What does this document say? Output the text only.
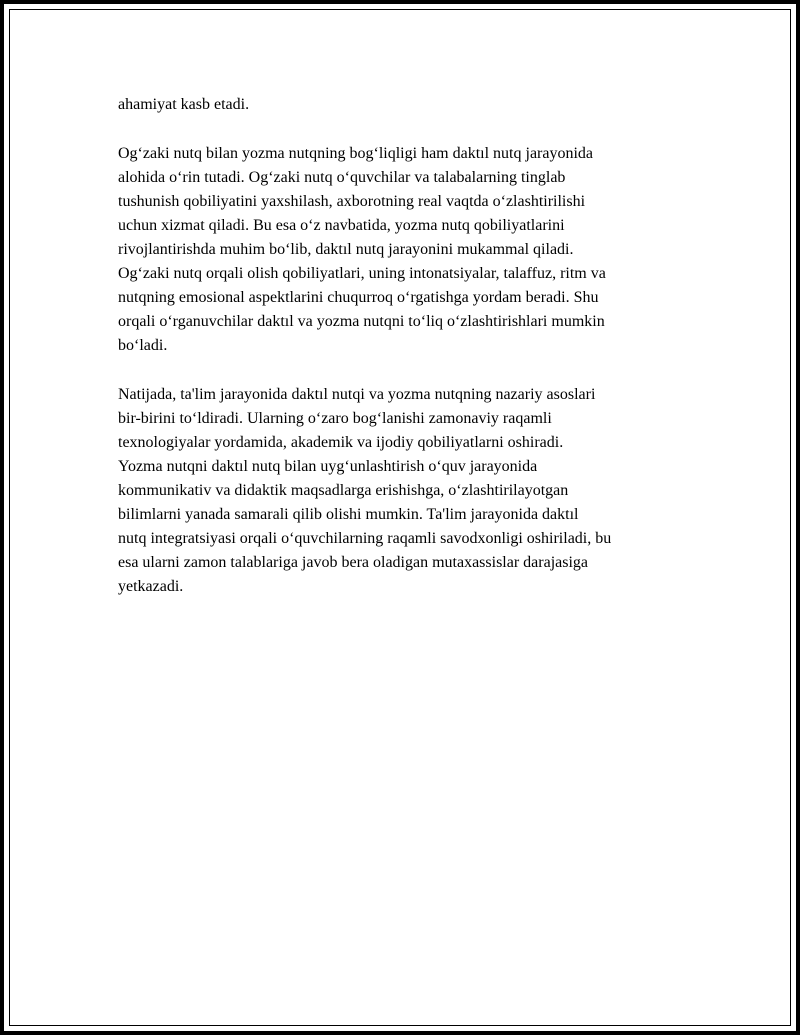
ahamiyat kasb etadi.
Og‘zaki nutq bilan yozma nutqning bog‘liqligi ham daktıl nutq jarayonida
alohida o‘rin tutadi. Og‘zaki nutq o‘quvchilar va talabalarning tinglab
tushunish qobiliyatini yaxshilash, axborotning real vaqtda o‘zlashtirilishi
uchun xizmat qiladi. Bu esa o‘z navbatida, yozma nutq qobiliyatlarini
rivojlantirishda muhim bo‘lib, daktıl nutq jarayonini mukammal qiladi.
Og‘zaki nutq orqali olish qobiliyatlari, uning intonatsiyalar, talaffuz, ritm va
nutqning emosional aspektlarini chuqurroq o‘rgatishga yordam beradi. Shu
orqali o‘rganuvchilar daktıl va yozma nutqni to‘liq o‘zlashtirishlari mumkin
bo‘ladi.
Natijada, ta'lim jarayonida daktıl nutqi va yozma nutqning nazariy asoslari
bir-birini to‘ldiradi. Ularning o‘zaro bog‘lanishi zamonaviy raqamli
texnologiyalar yordamida, akademik va ijodiy qobiliyatlarni oshiradi.
Yozma nutqni daktıl nutq bilan uyg‘unlashtirish o‘quv jarayonida
kommunikativ va didaktik maqsadlarga erishishga, o‘zlashtirilayotgan
bilimlarni yanada samarali qilib olishi mumkin. Ta'lim jarayonida daktıl
nutq integratsiyasi orqali o‘quvchilarning raqamli savodxonligi oshiriladi, bu
esa ularni zamon talablariga javob bera oladigan mutaxassislar darajasiga
yetkazadi.
